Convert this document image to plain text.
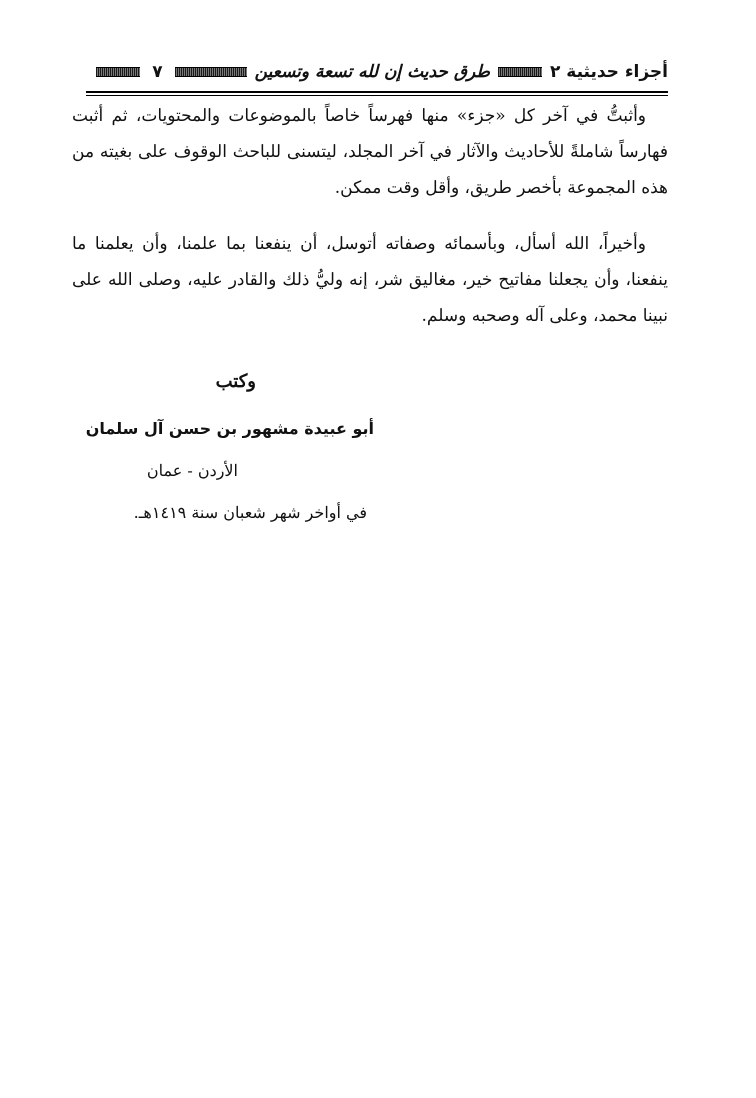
أجزاء حديثية ٢
طرق حديث إن لله تسعة وتسعين
٧

وأثبتُّ في آخر كل «جزء» منها فهرساً خاصاً بالموضوعات والمحتويات، ثم أثبت فهارساً شاملةً للأحاديث والآثار في آخر المجلد، ليتسنى للباحث الوقوف على بغيته من هذه المجموعة بأخصر طريق، وأقل وقت ممكن.

وأخيراً، الله أسأل، وبأسمائه وصفاته أتوسل، أن ينفعنا بما علمنا، وأن يعلمنا ما ينفعنا، وأن يجعلنا مفاتيح خير، مغاليق شر، إنه وليُّ ذلك والقادر عليه، وصلى الله على نبينا محمد، وعلى آله وصحبه وسلم.

وكتب
أبو عبيدة مشهور بن حسن آل سلمان
الأردن - عمان
في أواخر شهر شعبان سنة ١٤١٩هـ.
